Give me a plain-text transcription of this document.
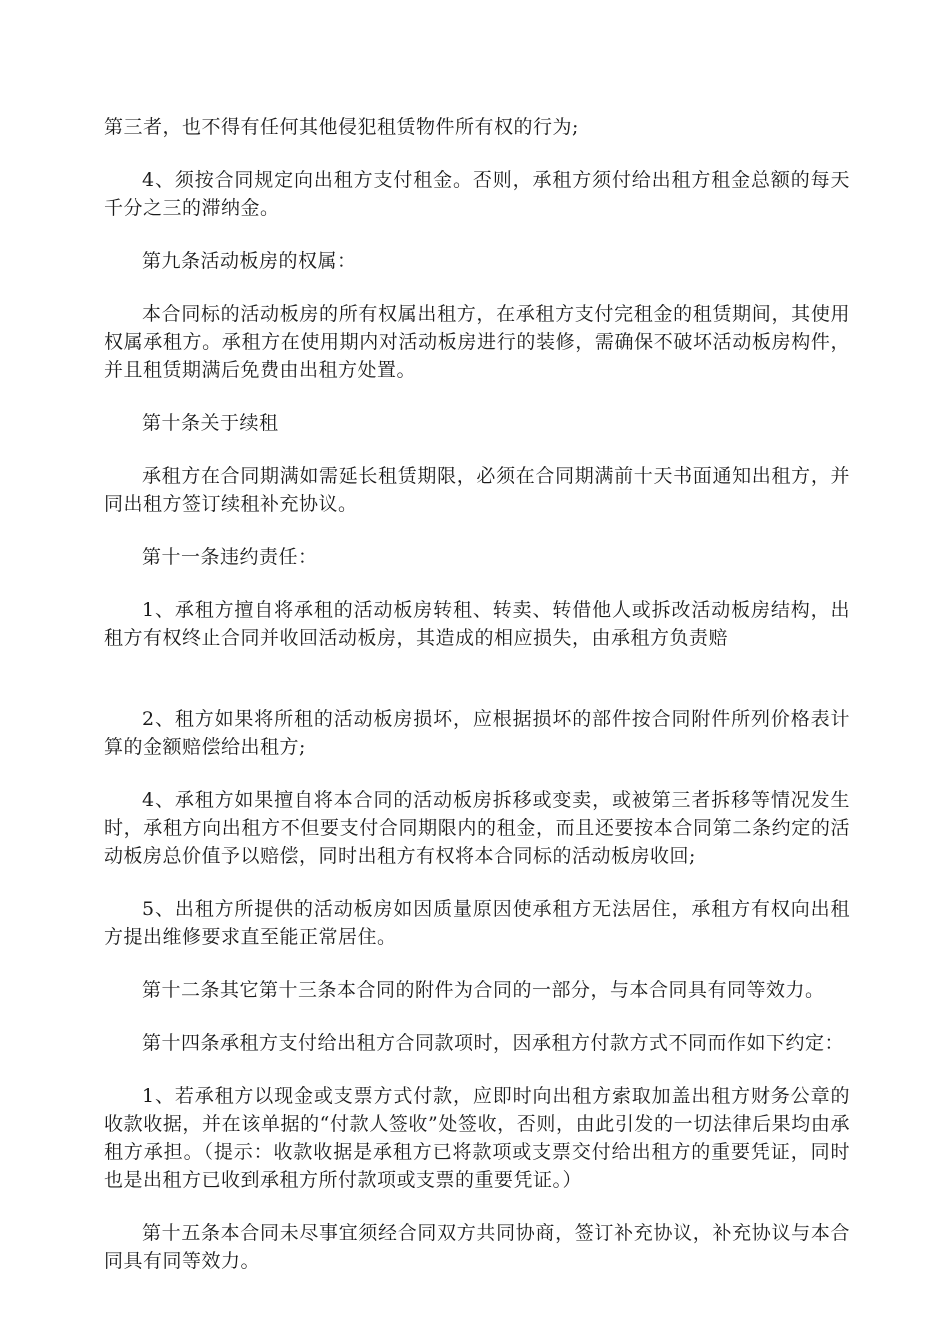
第三者，也不得有任何其他侵犯租赁物件所有权的行为;

4、须按合同规定向出租方支付租金。否则，承租方须付给出租方租金总额的每天千分之三的滞纳金。

第九条活动板房的权属：

本合同标的活动板房的所有权属出租方，在承租方支付完租金的租赁期间，其使用权属承租方。承租方在使用期内对活动板房进行的装修，需确保不破坏活动板房构件，并且租赁期满后免费由出租方处置。

第十条关于续租

承租方在合同期满如需延长租赁期限，必须在合同期满前十天书面通知出租方，并同出租方签订续租补充协议。

第十一条违约责任：

1、承租方擅自将承租的活动板房转租、转卖、转借他人或拆改活动板房结构，出租方有权终止合同并收回活动板房，其造成的相应损失，由承租方负责赔

2、租方如果将所租的活动板房损坏，应根据损坏的部件按合同附件所列价格表计算的金额赔偿给出租方;

4、承租方如果擅自将本合同的活动板房拆移或变卖，或被第三者拆移等情况发生时，承租方向出租方不但要支付合同期限内的租金，而且还要按本合同第二条约定的活动板房总价值予以赔偿，同时出租方有权将本合同标的活动板房收回;

5、出租方所提供的活动板房如因质量原因使承租方无法居住，承租方有权向出租方提出维修要求直至能正常居住。

第十二条其它第十三条本合同的附件为合同的一部分，与本合同具有同等效力。

第十四条承租方支付给出租方合同款项时，因承租方付款方式不同而作如下约定：

1、若承租方以现金或支票方式付款，应即时向出租方索取加盖出租方财务公章的收款收据，并在该单据的“付款人签收”处签收，否则，由此引发的一切法律后果均由承租方承担。（提示：收款收据是承租方已将款项或支票交付给出租方的重要凭证，同时也是出租方已收到承租方所付款项或支票的重要凭证。）

第十五条本合同未尽事宜须经合同双方共同协商，签订补充协议，补充协议与本合同具有同等效力。
